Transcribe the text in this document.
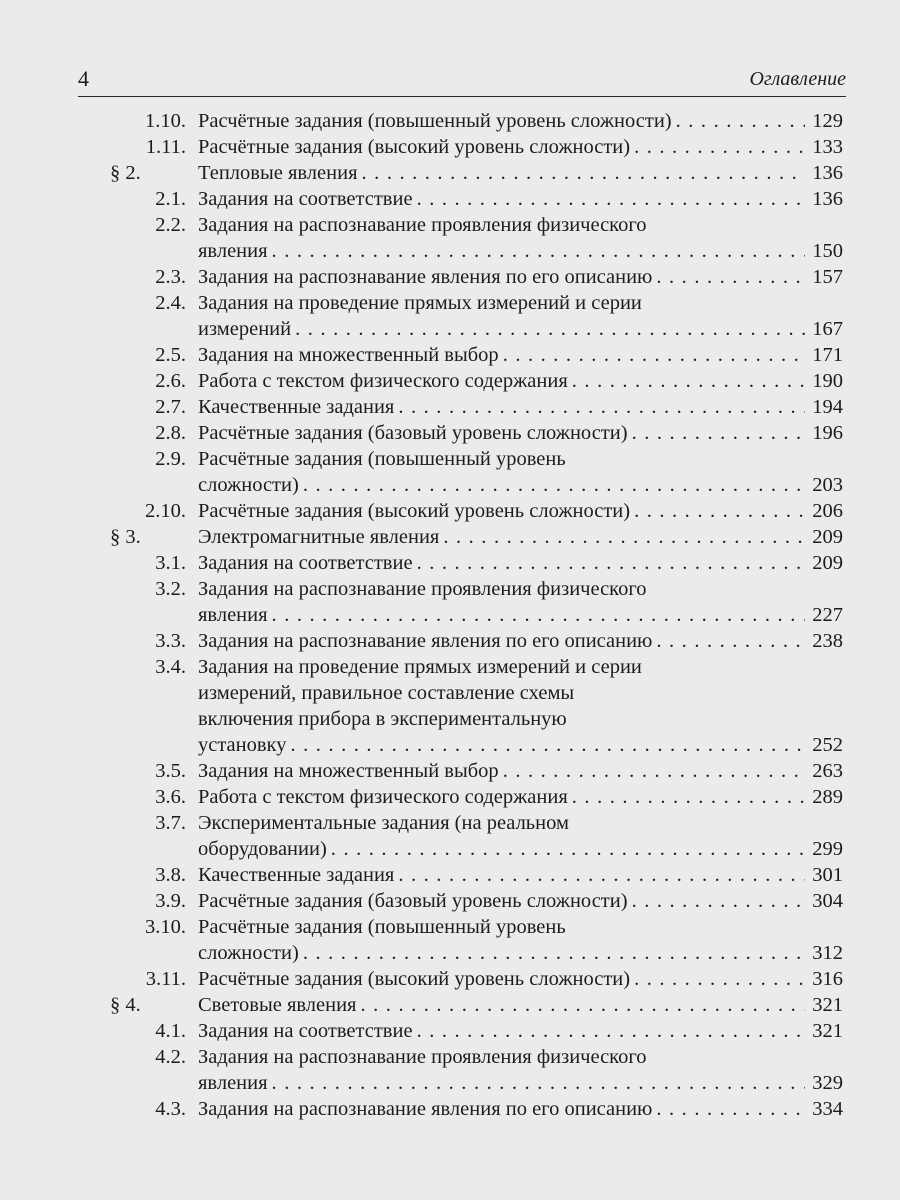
4	Оглавление
1.10. Расчётные задания (повышенный уровень сложности) . . .	129
1.11. Расчётные задания (высокий уровень сложности) . . .	133
§ 2.	Тепловые явления . . .	136
2.1. Задания на соответствие . . .	136
2.2. Задания на распознавание проявления физического
явления . . .	150
2.3. Задания на распознавание явления по его описанию . . .	157
2.4. Задания на проведение прямых измерений и серии
измерений . . .	167
2.5. Задания на множественный выбор . . .	171
2.6. Работа с текстом физического содержания . . .	190
2.7. Качественные задания . . .	194
2.8. Расчётные задания (базовый уровень сложности) . . .	196
2.9. Расчётные задания (повышенный уровень
сложности) . . .	203
2.10. Расчётные задания (высокий уровень сложности) . . .	206
§ 3.	Электромагнитные явления . . .	209
3.1. Задания на соответствие . . .	209
3.2. Задания на распознавание проявления физического
явления . . .	227
3.3. Задания на распознавание явления по его описанию . . .	238
3.4. Задания на проведение прямых измерений и серии
измерений, правильное составление схемы
включения прибора в экспериментальную
установку . . .	252
3.5. Задания на множественный выбор . . .	263
3.6. Работа с текстом физического содержания . . .	289
3.7. Экспериментальные задания (на реальном
оборудовании) . . .	299
3.8. Качественные задания . . .	301
3.9. Расчётные задания (базовый уровень сложности) . . .	304
3.10. Расчётные задания (повышенный уровень
сложности) . . .	312
3.11. Расчётные задания (высокий уровень сложности) . . .	316
§ 4.	Световые явления . . .	321
4.1. Задания на соответствие . . .	321
4.2. Задания на распознавание проявления физического
явления . . .	329
4.3. Задания на распознавание явления по его описанию . . .	334
